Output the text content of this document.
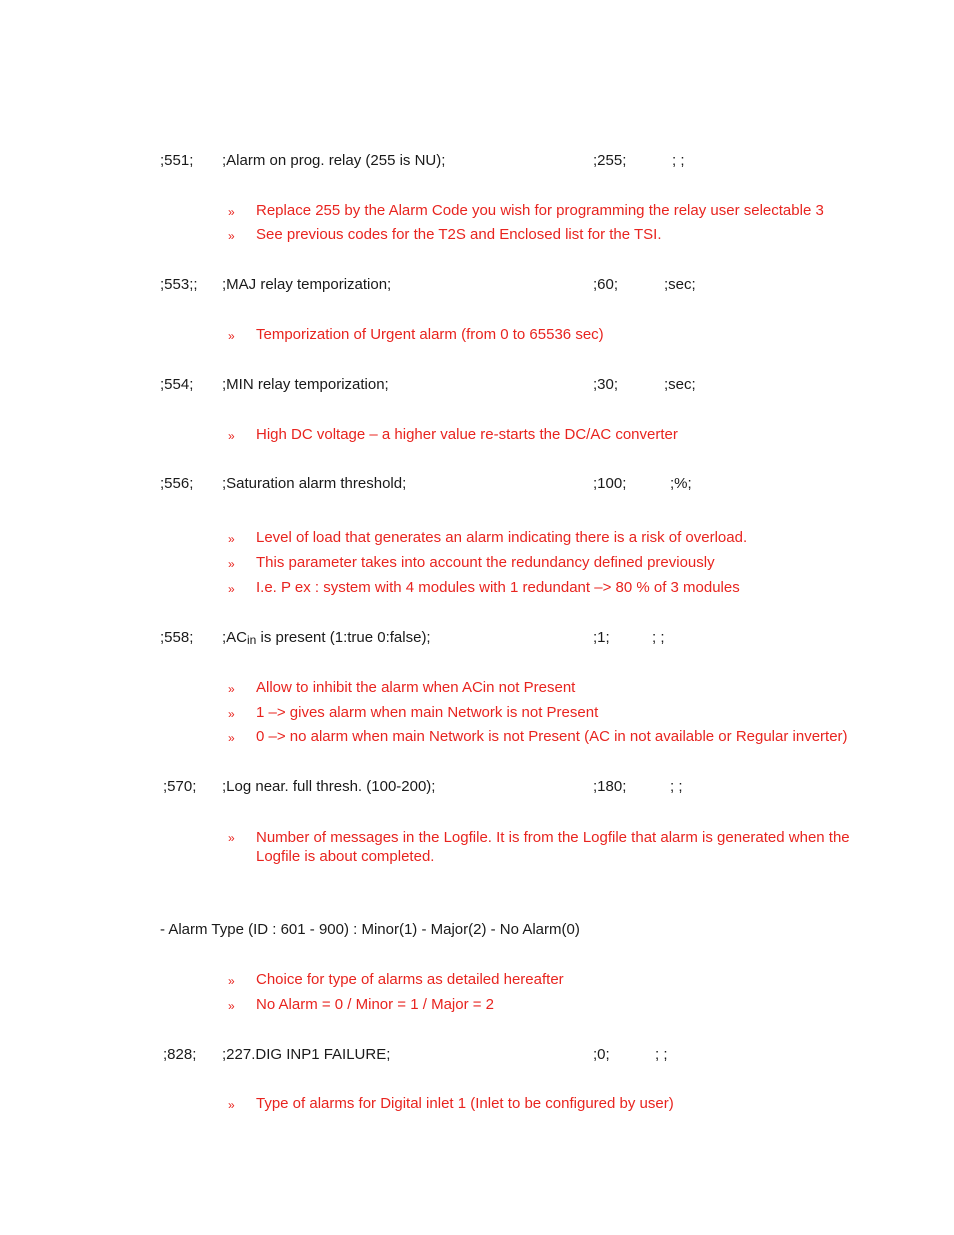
;551; ;Alarm on prog. relay (255 is NU);	;255;	; ;
» Replace 255 by the Alarm Code you wish for programming the relay user selectable 3
» See previous codes for the T2S and Enclosed list for the TSI.
;553;; ;MAJ relay temporization;	;60;	;sec;
» Temporization of Urgent alarm (from 0 to 65536 sec)
;554; ;MIN relay temporization;	;30;	;sec;
» High DC voltage – a higher value re-starts the DC/AC converter
;556; ;Saturation alarm threshold;	;100;	;%;
» Level of load that generates an alarm indicating there is a risk of overload.
» This parameter takes into account the redundancy defined previously
» I.e. P ex : system with 4 modules with 1 redundant –> 80 % of 3 modules
;558; $;AC_{in}$ is present (1:true 0:false);	;1;	; ;
» Allow to inhibit the alarm when ACin not Present
» 1 –> gives alarm when main Network is not Present
» 0 –> no alarm when main Network is not Present (AC in not available or Regular inverter)
;570; ;Log near. full thresh. (100-200);	;180;	; ;
» Number of messages in the Logfile. It is from the Logfile that alarm is generated when the Logfile is about completed.
- Alarm Type (ID : 601 - 900) : Minor(1) - Major(2) - No Alarm(0)
» Choice for type of alarms as detailed hereafter
» No Alarm = 0 / Minor = 1 / Major = 2
;828; ;227.DIG INP1 FAILURE;	;0;	; ;
» Type of alarms for Digital inlet 1 (Inlet to be configured by user)
